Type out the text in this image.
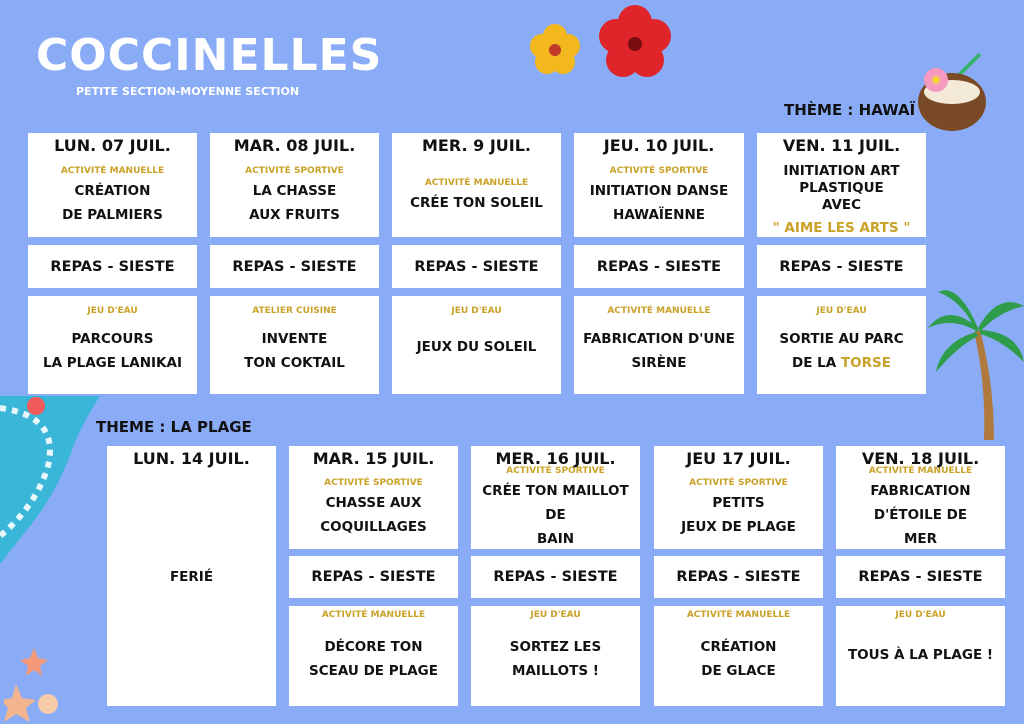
COCCINELLES
PETITE SECTION-MOYENNE SECTION
THÈME : HAWAÏ
THEME : LA PLAGE
LUN. 07 JUIL.
ACTIVITÉ MANUELLE
CRÉATION
DE PALMIERS
REPAS - SIESTE
MAR. 08 JUIL.
ACTIVITÉ SPORTIVE
LA CHASSE
AUX FRUITS
REPAS - SIESTE
MER. 9 JUIL.
ACTIVITÉ MANUELLE
CRÉE TON SOLEIL
REPAS - SIESTE
JEU. 10 JUIL.
ACTIVITÉ SPORTIVE
INITIATION DANSE
HAWAÏENNE
REPAS - SIESTE
VEN. 11 JUIL.
INITIATION ART PLASTIQUE
AVEC
" AIME LES ARTS "
REPAS - SIESTE
JEU D'EAU
PARCOURS
LA PLAGE LANIKAI
ATELIER CUISINE
INVENTE
TON COKTAIL
JEU D'EAU
JEUX DU SOLEIL
ACTIVITÉ MANUELLE
FABRICATION D'UNE
SIRÈNE
JEU D'EAU
SORTIE AU PARC
DE LA TORSE
LUN. 14 JUIL.
FERIÉ
MAR. 15 JUIL.
ACTIVITÉ SPORTIVE
CHASSE AUX
COQUILLAGES
REPAS - SIESTE
MER. 16 JUIL.
ACTIVITÉ SPORTIVE
CRÉE TON MAILLOT DE
BAIN
REPAS - SIESTE
JEU 17 JUIL.
ACTIVITÉ SPORTIVE
PETITS
JEUX DE PLAGE
REPAS - SIESTE
VEN. 18 JUIL.
ACTIVITÉ MANUELLE
FABRICATION D'ÉTOILE DE
MER
REPAS - SIESTE
ACTIVITÉ MANUELLE
DÉCORE TON
SCEAU DE PLAGE
JEU D'EAU
SORTEZ LES
MAILLOTS !
ACTIVITÉ MANUELLE
CRÉATION
DE GLACE
JEU D'EAU
TOUS À LA PLAGE !
